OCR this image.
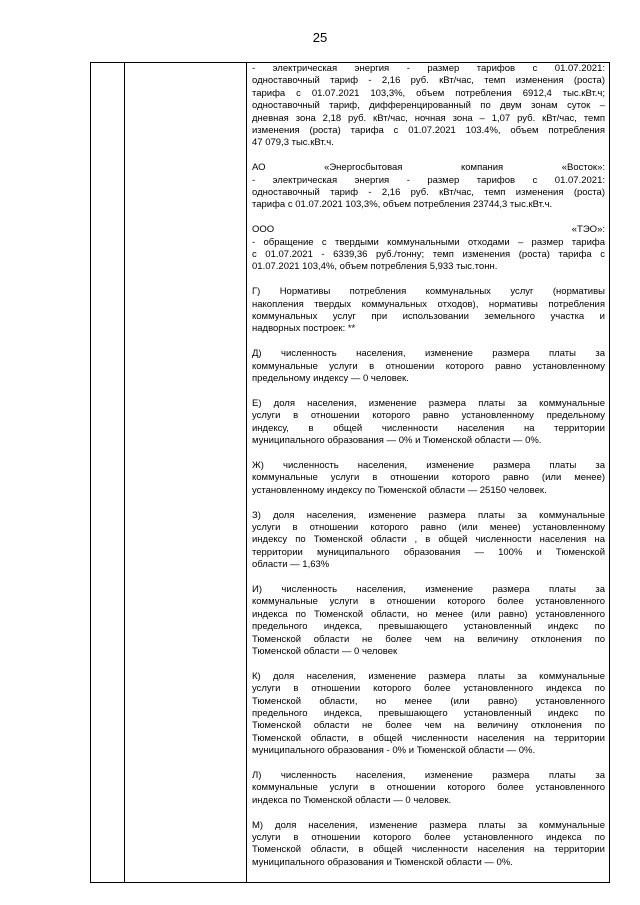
25

- электрическая энергия - размер тарифов с 01.07.2021:
одноставочный тариф - 2,16 руб. кВт/час, темп изменения (роста)
тарифа с 01.07.2021 103,3%, объем потребления 6912,4 тыс.кВт.ч;
одноставочный тариф, дифференцированный по двум зонам суток –
дневная зона 2,18 руб. кВт/час, ночная зона – 1,07 руб. кВт/час, темп
изменения (роста) тарифа с 01.07.2021 103.4%, объем потребления
47 079,3 тыс.кВт.ч.
АО «Энергосбытовая компания «Восток»:
- электрическая энергия - размер тарифов с 01.07.2021:
одноставочный тариф - 2,16 руб. кВт/час, темп изменения (роста)
тарифа с 01.07.2021 103,3%, объем потребления 23744,3 тыс.кВт.ч.
ООО «ТЭО»:
- обращение с твердыми коммунальными отходами – размер тарифа
с 01.07.2021 - 6339,36 руб./тонну; темп изменения (роста) тарифа с
01.07.2021 103,4%, объем потребления 5,933 тыс.тонн.
Г) Нормативы потребления коммунальных услуг (нормативы
накопления твердых коммунальных отходов), нормативы потребления
коммунальных услуг при использовании земельного участка и
надворных построек: **
Д) численность населения, изменение размера платы за
коммунальные услуги в отношении которого равно установленному
предельному индексу — 0 человек.
Е) доля населения, изменение размера платы за коммунальные
услуги в отношении которого равно установленному предельному
индексу, в общей численности населения на территории
муниципального образования — 0% и Тюменской области — 0%.
Ж) численность населения, изменение размера платы за
коммунальные услуги в отношении которого равно (или менее)
установленному индексу по Тюменской области — 25150 человек.
З) доля населения, изменение размера платы за коммунальные
услуги в отношении которого равно (или менее) установленному
индексу по Тюменской области , в общей численности населения на
территории муниципального образования — 100% и Тюменской
области — 1,63%
И) численность населения, изменение размера платы за
коммунальные услуги в отношении которого более установленного
индекса по Тюменской области, но менее (или равно) установленного
предельного индекса, превышающего установленный индекс по
Тюменской области не более чем на величину отклонения по
Тюменской области — 0 человек
К) доля населения, изменение размера платы за коммунальные
услуги в отношении которого более установленного индекса по
Тюменской области, но менее (или равно) установленного
предельного индекса, превышающего установленный индекс по
Тюменской области не более чем на величину отклонения по
Тюменской области, в общей численности населения на территории
муниципального образования - 0% и Тюменской области — 0%.
Л) численность населения, изменение размера платы за
коммунальные услуги в отношении которого более установленного
индекса по Тюменской области — 0 человек.
М) доля населения, изменение размера платы за коммунальные
услуги в отношении которого более установленного индекса по
Тюменской области, в общей численности населения на территории
муниципального образования и Тюменской области — 0%.
